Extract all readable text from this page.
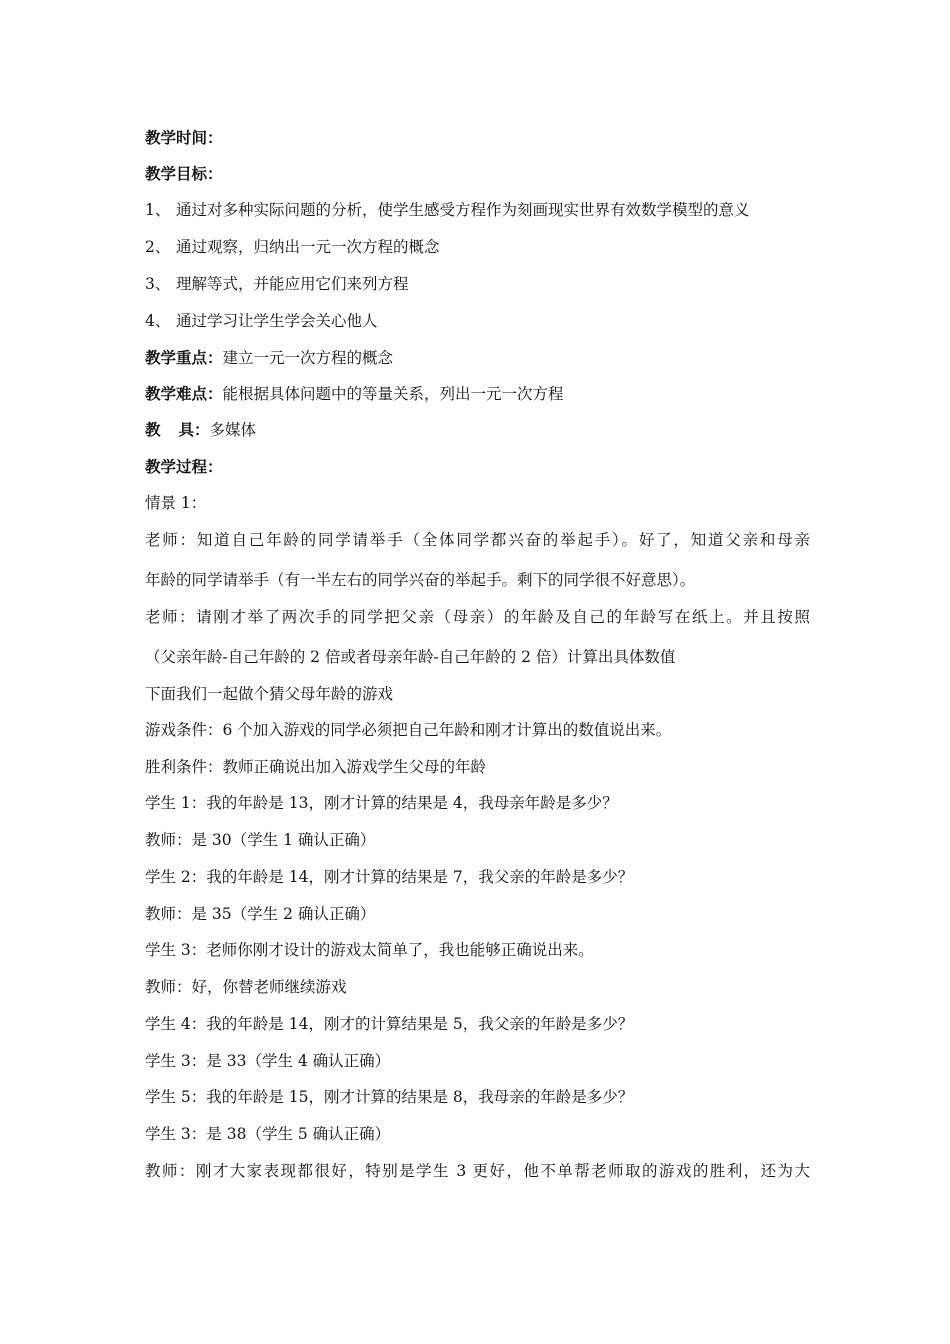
教学时间：
教学目标：
1、 通过对多种实际问题的分析，使学生感受方程作为刻画现实世界有效数学模型的意义
2、 通过观察，归纳出一元一次方程的概念
3、 理解等式，并能应用它们来列方程
4、 通过学习让学生学会关心他人
教学重点：建立一元一次方程的概念
教学难点：能根据具体问题中的等量关系，列出一元一次方程
教 具：多媒体
教学过程：
情景 1：
老师：知道自己年龄的同学请举手（全体同学都兴奋的举起手）。好了，知道父亲和母亲
年龄的同学请举手（有一半左右的同学兴奋的举起手。剩下的同学很不好意思）。
老师：请刚才举了两次手的同学把父亲（母亲）的年龄及自己的年龄写在纸上。并且按照
（父亲年龄-自己年龄的 2 倍或者母亲年龄-自己年龄的 2 倍）计算出具体数值
下面我们一起做个猜父母年龄的游戏
游戏条件：6 个加入游戏的同学必须把自己年龄和刚才计算出的数值说出来。
胜利条件：教师正确说出加入游戏学生父母的年龄
学生 1：我的年龄是 13，刚才计算的结果是 4，我母亲年龄是多少？
教师：是 30（学生 1 确认正确）
学生 2：我的年龄是 14，刚才计算的结果是 7，我父亲的年龄是多少？
教师：是 35（学生 2 确认正确）
学生 3：老师你刚才设计的游戏太简单了，我也能够正确说出来。
教师：好，你替老师继续游戏
学生 4：我的年龄是 14，刚才的计算结果是 5，我父亲的年龄是多少？
学生 3：是 33（学生 4 确认正确）
学生 5：我的年龄是 15，刚才计算的结果是 8，我母亲的年龄是多少？
学生 3：是 38（学生 5 确认正确）
教师：刚才大家表现都很好，特别是学生 3 更好，他不单帮老师取的游戏的胜利，还为大
